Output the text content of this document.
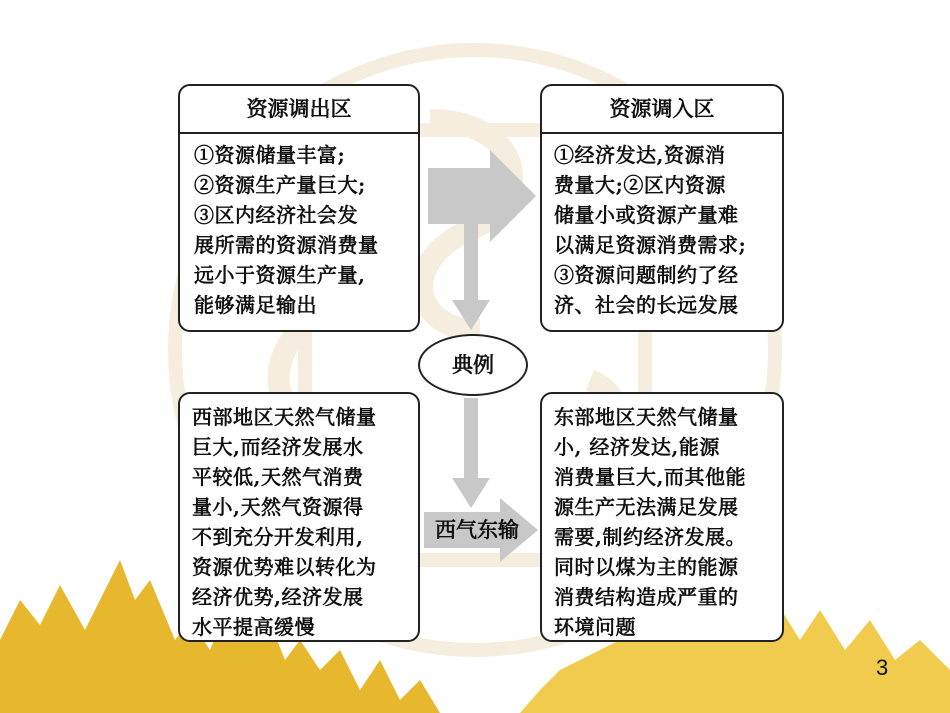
资源调出区
①资源储量丰富;
②资源生产量巨大;
③区内经济社会发
展所需的资源消费量
远小于资源生产量,
能够满足输出
资源调入区
①经济发达,资源消
费量大;②区内资源
储量小或资源产量难
以满足资源消费需求;
③资源问题制约了经
济、社会的长远发展
典例
西部地区天然气储量
巨大,而经济发展水
平较低,天然气消费
量小,天然气资源得
不到充分开发利用,
资源优势难以转化为
经济优势,经济发展
水平提高缓慢
东部地区天然气储量
小, 经济发达,能源
消费量巨大,而其他能
源生产无法满足发展
需要,制约经济发展。
同时以煤为主的能源
消费结构造成严重的
环境问题
西气东输
3
